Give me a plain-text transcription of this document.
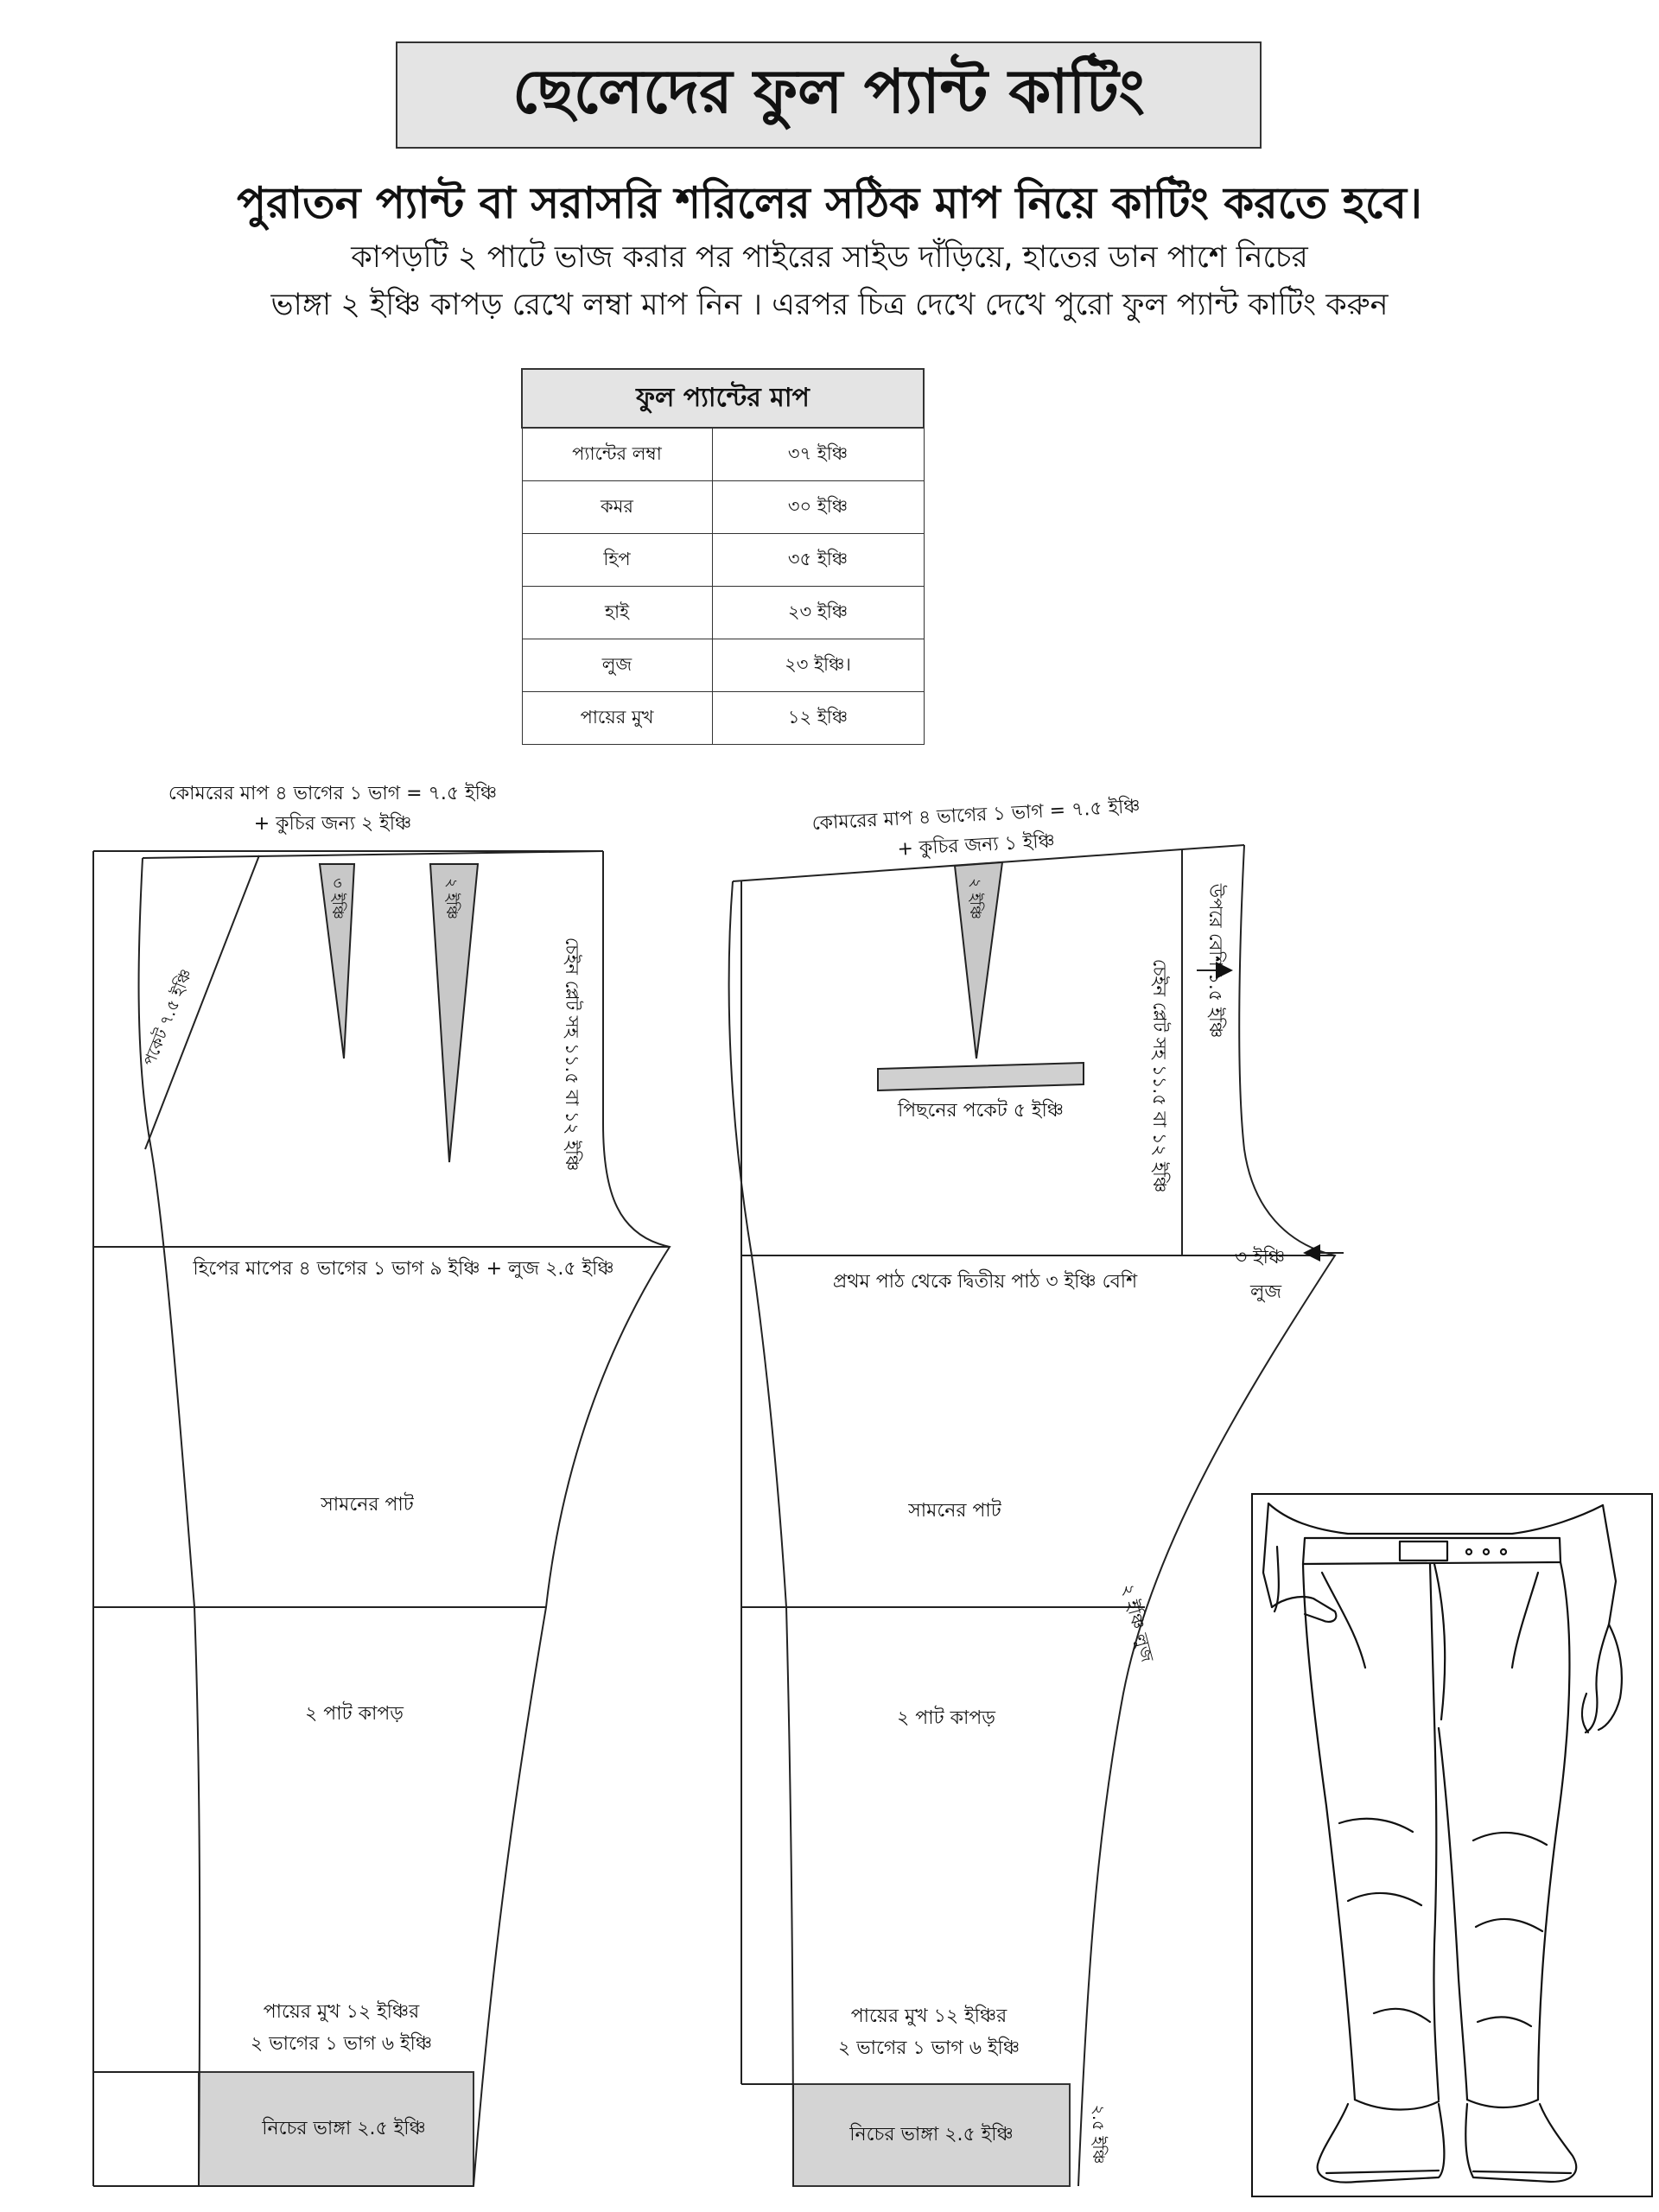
ছেলেদের ফুল প্যান্ট কাটিং
পুরাতন প্যান্ট বা সরাসরি শরিলের সঠিক মাপ নিয়ে কাটিং করতে হবে।
কাপড়টি ২ পাটে ভাজ করার পর পাইরের সাইড দাঁড়িয়ে, হাতের ডান পাশে নিচের
ভাঙ্গা ২ ইঞ্চি কাপড় রেখে লম্বা মাপ নিন । এরপর চিত্র দেখে দেখে পুরো ফুল প্যান্ট কাটিং করুন
ফুল প্যান্টের মাপ	
প্যান্টের লম্বা	৩৭ ইঞ্চি
কমর	৩০ ইঞ্চি
হিপ	৩৫ ইঞ্চি
হাই	২৩ ইঞ্চি
লুজ	২৩ ইঞ্চি।
পায়ের মুখ	১২ ইঞ্চি
কোমরের মাপ ৪ ভাগের ১ ভাগ = ৭.৫ ইঞ্চি
+ কুচির জন্য ২ ইঞ্চি
পকেট ৭.৫ ইঞ্চি
৩ ইঞ্চি	২ ইঞ্চি
চেইন প্লেট সহ ১১.৫ বা ১২ ইঞ্চি
হিপের মাপের ৪ ভাগের ১ ভাগ ৯ ইঞ্চি + লুজ ২.৫ ইঞ্চি
সামনের পাট
২ পাট কাপড়
পায়ের মুখ ১২ ইঞ্চির
২ ভাগের ১ ভাগ ৬ ইঞ্চি
নিচের ভাঙ্গা ২.৫ ইঞ্চি
কোমরের মাপ ৪ ভাগের ১ ভাগ = ৭.৫ ইঞ্চি
+ কুচির জন্য ১ ইঞ্চি
২ ইঞ্চি
পিছনের পকেট ৫ ইঞ্চি	চেইন প্লেট সহ ১১.৫ বা ১২ ইঞ্চি উপরে বেশি ১.৫ ইঞ্চি
৩ ইঞ্চি
লুজ
প্রথম পাঠ থেকে দ্বিতীয় পাঠ ৩ ইঞ্চি বেশি
সামনের পাট
২ ইঞ্চি লুজ
২ পাট কাপড়
পায়ের মুখ ১২ ইঞ্চির
২ ভাগের ১ ভাগ ৬ ইঞ্চি
নিচের ভাঙ্গা ২.৫ ইঞ্চি	২.৫ ইঞ্চি
